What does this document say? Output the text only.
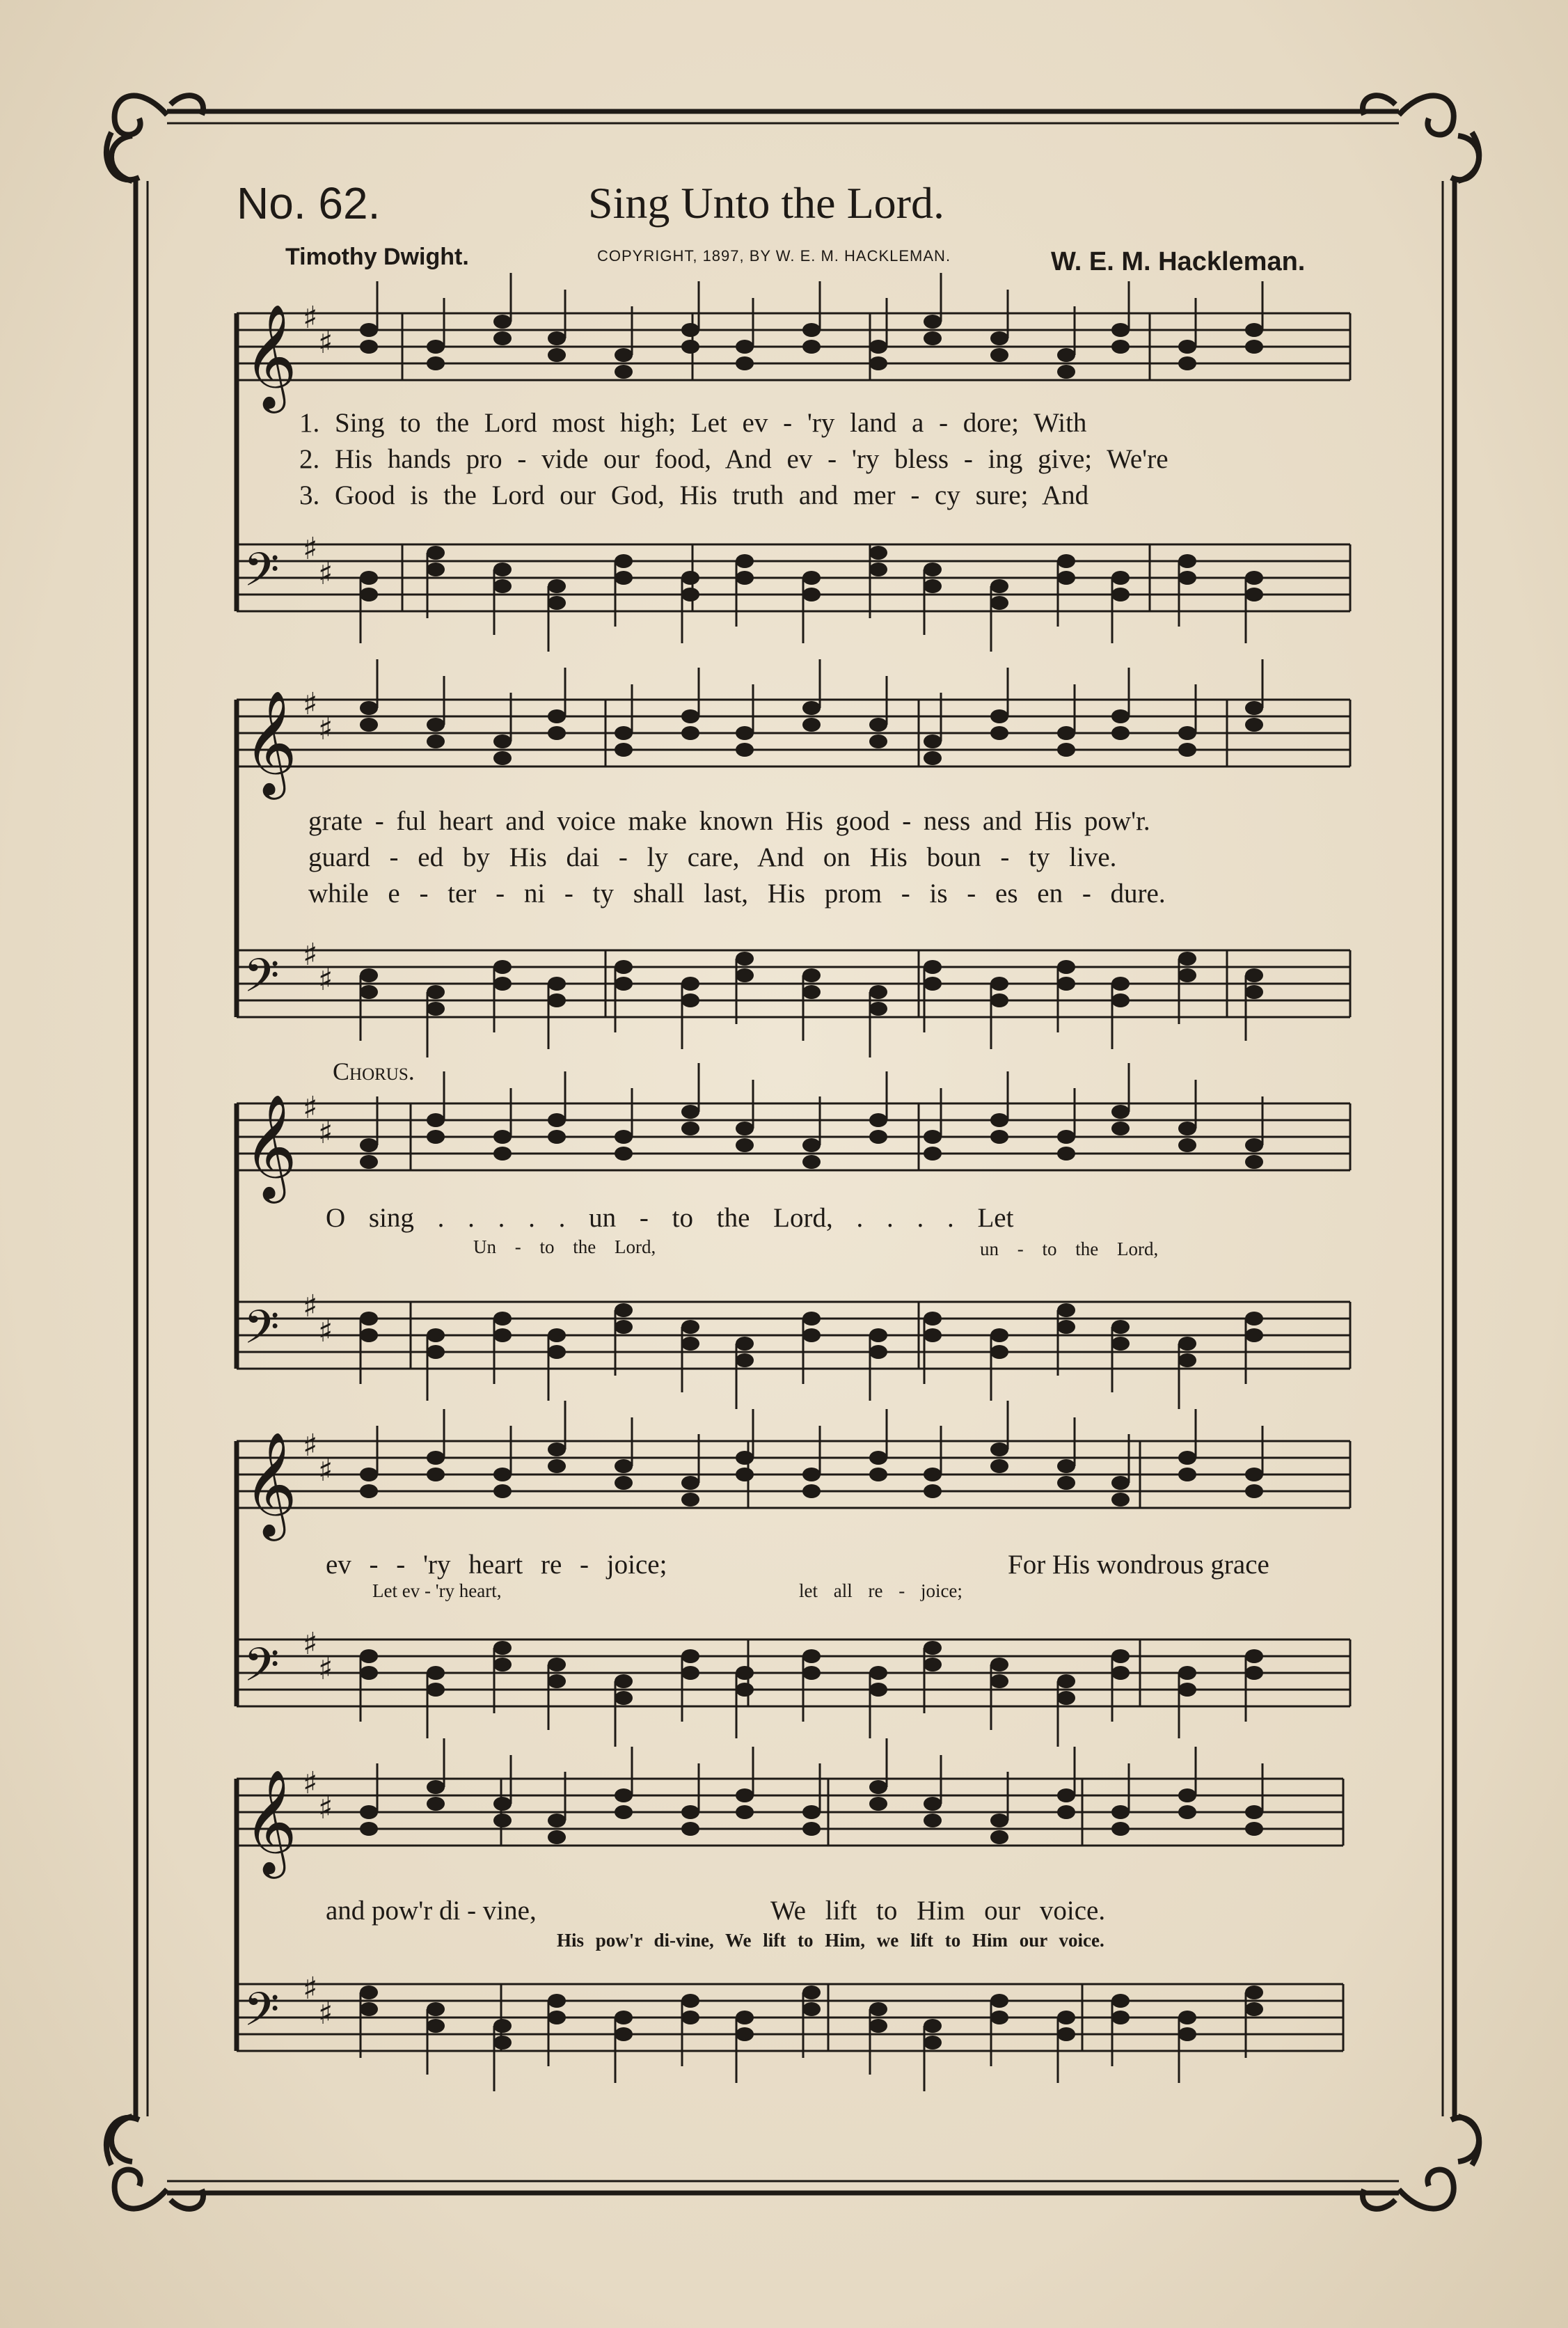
𝄞 ♯
♯
𝄢 ♯
♯
𝄞 ♯
♯
𝄢 ♯
♯
𝄞 ♯
♯
𝄢 ♯
♯
𝄞 ♯
♯
𝄢 ♯
♯
𝄞 ♯
♯
𝄢 ♯
♯
No. 62.	Sing Unto the Lord.
Timothy Dwight.	COPYRIGHT, 1897, BY W. E. M. HACKLEMAN.	W. E. M. Hackleman.
1. Sing to the Lord most high; Let ev - 'ry land a - dore; With
2. His hands pro - vide our food, And ev - 'ry bless - ing give; We're
3. Good is the Lord our God, His truth and mer - cy sure; And
grate - ful heart and voice make known His good - ness and His pow'r.
guard - ed by His dai - ly care, And on His boun - ty live.
while e - ter - ni - ty shall last, His prom - is - es en - dure.
Chorus.
O sing . . . . . un - to the Lord, . . . . Let
Un - to the Lord,	un - to the Lord,
ev - - 'ry heart re - joice;	For His wondrous grace
Let ev - 'ry heart,	let all re - joice;
and pow'r di - vine,	We lift to Him our voice.
His pow'r di-vine, We lift to Him, we lift to Him our voice.
